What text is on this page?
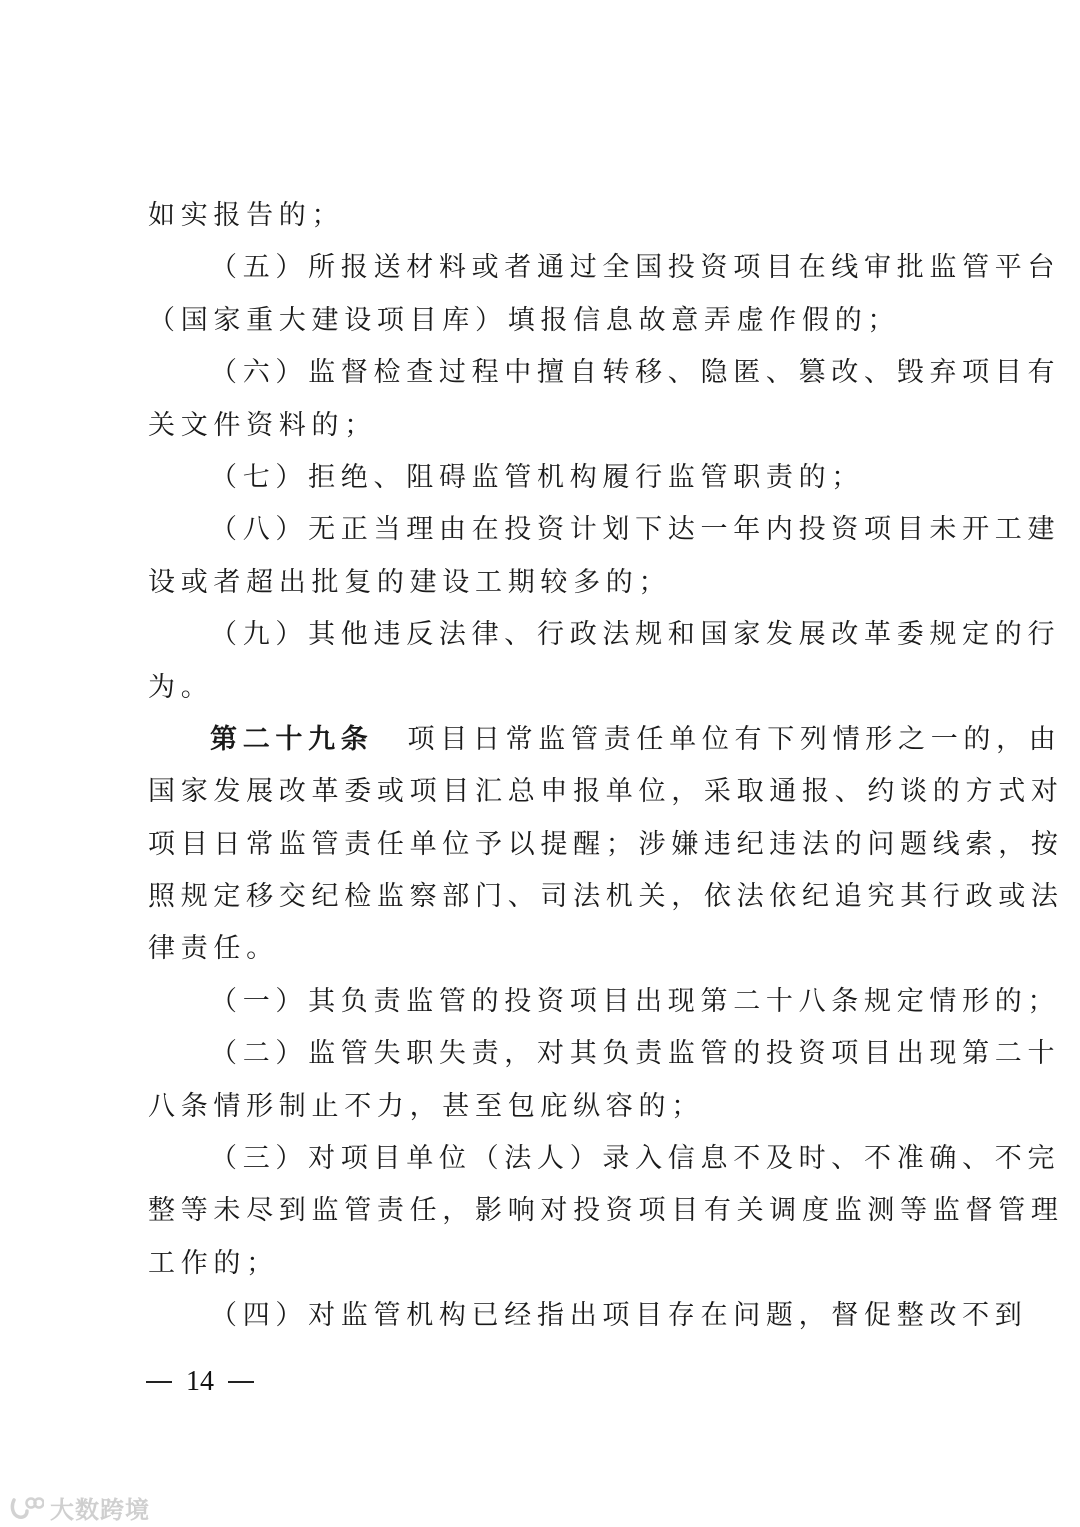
如实报告的；
（五）所报送材料或者通过全国投资项目在线审批监管平台
（国家重大建设项目库）填报信息故意弄虚作假的；
（六）监督检查过程中擅自转移、隐匿、篡改、毁弃项目有
关文件资料的；
（七）拒绝、阻碍监管机构履行监管职责的；
（八）无正当理由在投资计划下达一年内投资项目未开工建
设或者超出批复的建设工期较多的；
（九）其他违反法律、行政法规和国家发展改革委规定的行
为。
第二十九条 项目日常监管责任单位有下列情形之一的，由
国家发展改革委或项目汇总申报单位，采取通报、约谈的方式对
项目日常监管责任单位予以提醒；涉嫌违纪违法的问题线索，按
照规定移交纪检监察部门、司法机关，依法依纪追究其行政或法
律责任。
（一）其负责监管的投资项目出现第二十八条规定情形的；
（二）监管失职失责，对其负责监管的投资项目出现第二十
八条情形制止不力，甚至包庇纵容的；
（三）对项目单位（法人）录入信息不及时、不准确、不完
整等未尽到监管责任，影响对投资项目有关调度监测等监督管理
工作的；
（四）对监管机构已经指出项目存在问题，督促整改不到
14
大数跨境
